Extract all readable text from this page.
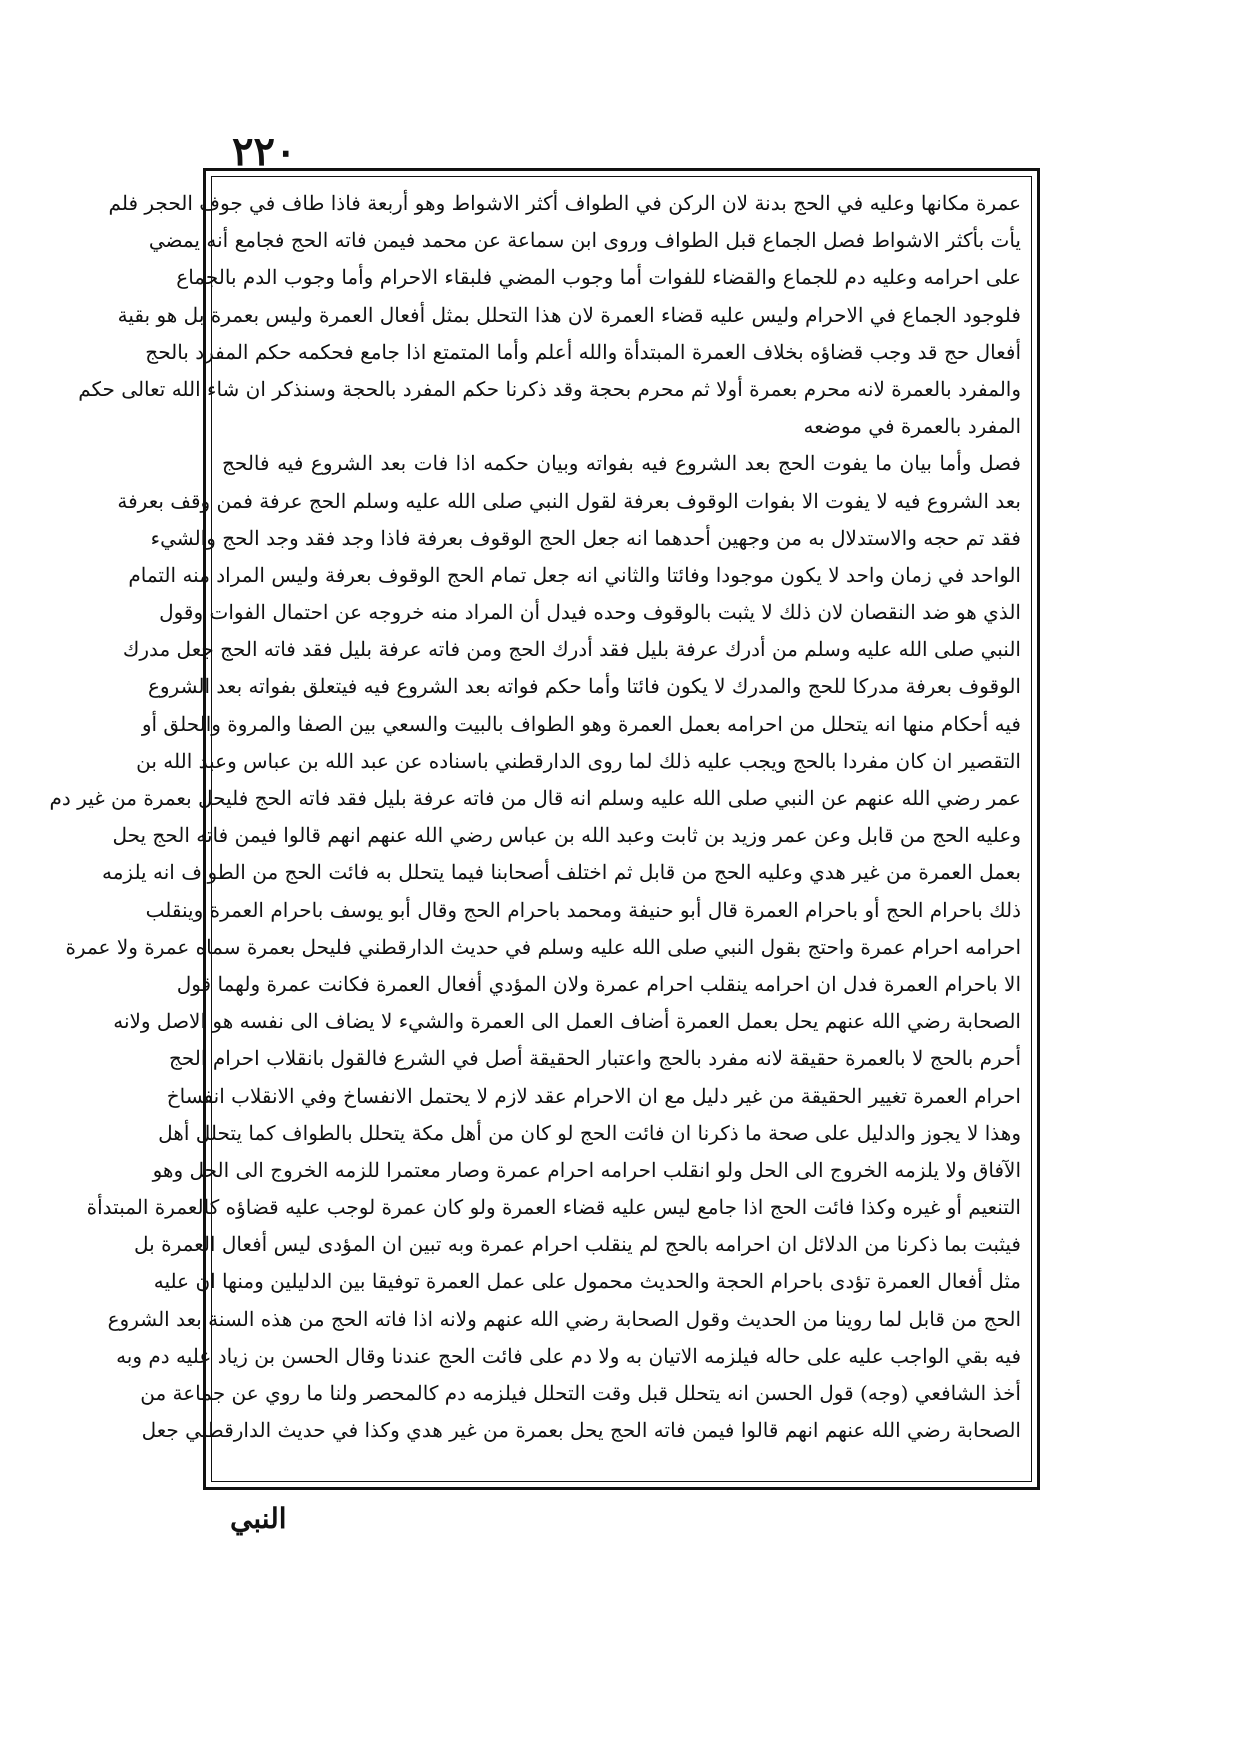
٢٢٠
عمرة مكانها وعليه في الحج بدنة لان الركن في الطواف أكثر الاشواط وهو أربعة فاذا طاف في جوف الحجر فلم
يأت بأكثر الاشواط فصل الجماع قبل الطواف وروى ابن سماعة عن محمد فيمن فاته الحج فجامع أنه يمضي
على احرامه وعليه دم للجماع والقضاء للفوات أما وجوب المضي فلبقاء الاحرام وأما وجوب الدم بالجماع
فلوجود الجماع في الاحرام وليس عليه قضاء العمرة لان هذا التحلل بمثل أفعال العمرة وليس بعمرة بل هو بقية
أفعال حج قد وجب قضاؤه بخلاف العمرة المبتدأة والله أعلم وأما المتمتع اذا جامع فحكمه حكم المفرد بالحج
والمفرد بالعمرة لانه محرم بعمرة أولا ثم محرم بحجة وقد ذكرنا حكم المفرد بالحجة وسنذكر ان شاء الله تعالى حكم
المفرد بالعمرة في موضعه
فصل وأما بيان ما يفوت الحج بعد الشروع فيه بفواته وبيان حكمه اذا فات بعد الشروع فيه فالحج
بعد الشروع فيه لا يفوت الا بفوات الوقوف بعرفة لقول النبي صلى الله عليه وسلم الحج عرفة فمن وقف بعرفة
فقد تم حجه والاستدلال به من وجهين أحدهما انه جعل الحج الوقوف بعرفة فاذا وجد فقد وجد الحج والشيء
الواحد في زمان واحد لا يكون موجودا وفائتا والثاني انه جعل تمام الحج الوقوف بعرفة وليس المراد منه التمام
الذي هو ضد النقصان لان ذلك لا يثبت بالوقوف وحده فيدل أن المراد منه خروجه عن احتمال الفوات وقول
النبي صلى الله عليه وسلم من أدرك عرفة بليل فقد أدرك الحج ومن فاته عرفة بليل فقد فاته الحج جعل مدرك
الوقوف بعرفة مدركا للحج والمدرك لا يكون فائتا وأما حكم فواته بعد الشروع فيه فيتعلق بفواته بعد الشروع
فيه أحكام منها انه يتحلل من احرامه بعمل العمرة وهو الطواف بالبيت والسعي بين الصفا والمروة والحلق أو
التقصير ان كان مفردا بالحج ويجب عليه ذلك لما روى الدارقطني باسناده عن عبد الله بن عباس وعبد الله بن
عمر رضي الله عنهم عن النبي صلى الله عليه وسلم انه قال من فاته عرفة بليل فقد فاته الحج فليحل بعمرة من غير دم
وعليه الحج من قابل وعن عمر وزيد بن ثابت وعبد الله بن عباس رضي الله عنهم انهم قالوا فيمن فاته الحج يحل
بعمل العمرة من غير هدي وعليه الحج من قابل ثم اختلف أصحابنا فيما يتحلل به فائت الحج من الطواف انه يلزمه
ذلك باحرام الحج أو باحرام العمرة قال أبو حنيفة ومحمد باحرام الحج وقال أبو يوسف باحرام العمرة وينقلب
احرامه احرام عمرة واحتج بقول النبي صلى الله عليه وسلم في حديث الدارقطني فليحل بعمرة سماه عمرة ولا عمرة
الا باحرام العمرة فدل ان احرامه ينقلب احرام عمرة ولان المؤدي أفعال العمرة فكانت عمرة ولهما قول
الصحابة رضي الله عنهم يحل بعمل العمرة أضاف العمل الى العمرة والشيء لا يضاف الى نفسه هو الاصل ولانه
أحرم بالحج لا بالعمرة حقيقة لانه مفرد بالحج واعتبار الحقيقة أصل في الشرع فالقول بانقلاب احرام الحج
احرام العمرة تغيير الحقيقة من غير دليل مع ان الاحرام عقد لازم لا يحتمل الانفساخ وفي الانقلاب انفساخ
وهذا لا يجوز والدليل على صحة ما ذكرنا ان فائت الحج لو كان من أهل مكة يتحلل بالطواف كما يتحلل أهل
الآفاق ولا يلزمه الخروج الى الحل ولو انقلب احرامه احرام عمرة وصار معتمرا للزمه الخروج الى الحل وهو
التنعيم أو غيره وكذا فائت الحج اذا جامع ليس عليه قضاء العمرة ولو كان عمرة لوجب عليه قضاؤه كالعمرة المبتدأة
فيثبت بما ذكرنا من الدلائل ان احرامه بالحج لم ينقلب احرام عمرة وبه تبين ان المؤدى ليس أفعال العمرة بل
مثل أفعال العمرة تؤدى باحرام الحجة والحديث محمول على عمل العمرة توفيقا بين الدليلين ومنها ان عليه
الحج من قابل لما روينا من الحديث وقول الصحابة رضي الله عنهم ولانه اذا فاته الحج من هذه السنة بعد الشروع
فيه بقي الواجب عليه على حاله فيلزمه الاتيان به ولا دم على فائت الحج عندنا وقال الحسن بن زياد عليه دم وبه
أخذ الشافعي (وجه) قول الحسن انه يتحلل قبل وقت التحلل فيلزمه دم كالمحصر ولنا ما روي عن جماعة من
الصحابة رضي الله عنهم انهم قالوا فيمن فاته الحج يحل بعمرة من غير هدي وكذا في حديث الدارقطني جعل
النبي
